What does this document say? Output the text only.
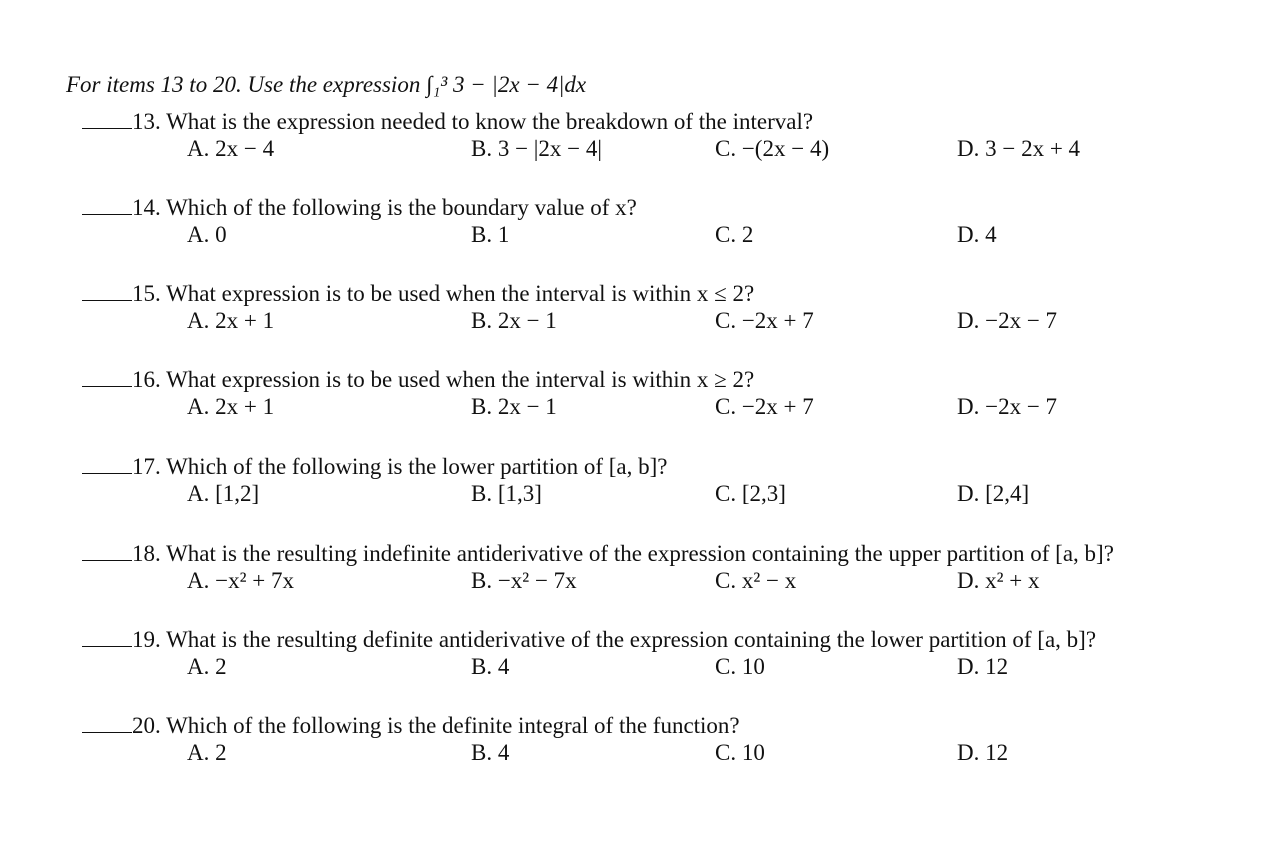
For items 13 to 20. Use the expression ∫₁³ 3 − |2x − 4|dx
13. What is the expression needed to know the breakdown of the interval?
A. 2x − 4	B. 3 − |2x − 4|	C. −(2x − 4)	D. 3 − 2x + 4
14. Which of the following is the boundary value of x?
A. 0	B. 1	C. 2	D. 4
15. What expression is to be used when the interval is within x ≤ 2?
A. 2x + 1	B. 2x − 1	C. −2x + 7	D. −2x − 7
16. What expression is to be used when the interval is within x ≥ 2?
A. 2x + 1	B. 2x − 1	C. −2x + 7	D. −2x − 7
17. Which of the following is the lower partition of [a, b]?
A. [1,2]	B. [1,3]	C. [2,3]	D. [2,4]
18. What is the resulting indefinite antiderivative of the expression containing the upper partition of [a, b]?
A. −x² + 7x	B. −x² − 7x	C. x² − x	D. x² + x
19. What is the resulting definite antiderivative of the expression containing the lower partition of [a, b]?
A. 2	B. 4	C. 10	D. 12
20. Which of the following is the definite integral of the function?
A. 2	B. 4	C. 10	D. 12
